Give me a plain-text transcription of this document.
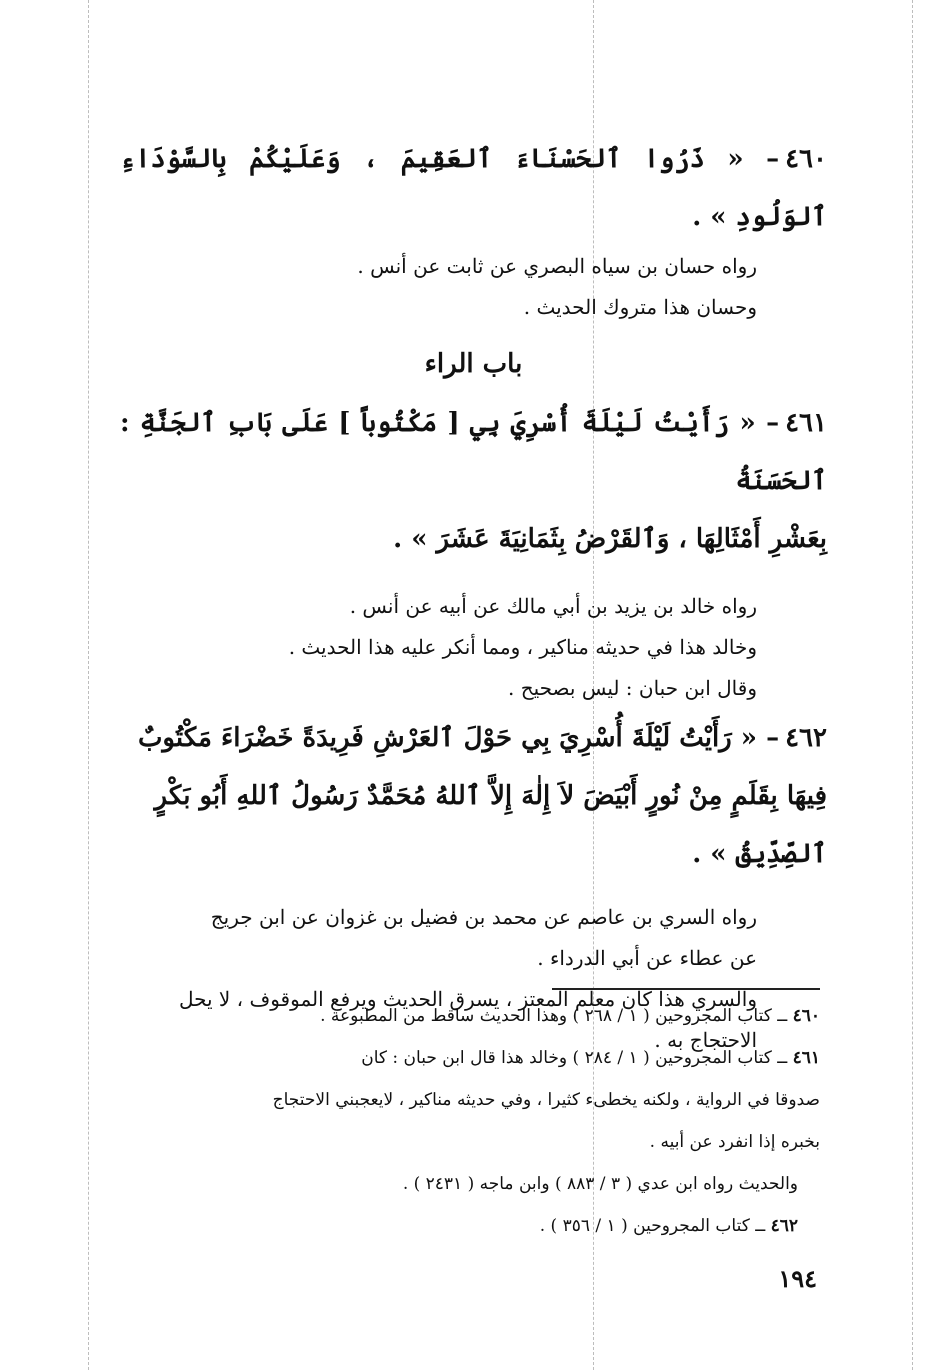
٤٦٠– « ذَرُوا ٱلحَسْنَاءَ ٱلعَقِيمَ ، وَعَلَيْكُمْ بِالسَّوْدَاءِ ٱلوَلُودِ » .
رواه حسان بن سياه البصري عن ثابت عن أنس .
وحسان هذا متروك الحديث .
باب الراء
٤٦١– « رَأَيْتُ لَيْلَةَ أُسْرِيَ بِي [ مَكْتُوباً ] عَلَى بَابِ ٱلجَنَّةِ : ٱلحَسَنَةُ
بِعَشْرِ أَمْثَالِهَا ، وَٱلقَرْضُ بِثَمَانِيَةَ عَشَرَ » .
رواه خالد بن يزيد بن أبي مالك عن أبيه عن أنس .
وخالد هذا في حديثه مناكير ، ومما أنكر عليه هذا الحديث .
وقال ابن حبان : ليس بصحيح .
٤٦٢– « رَأَيْتُ لَيْلَةَ أُسْرِيَ بِي حَوْلَ ٱلعَرْشِ فَرِيدَةً خَضْرَاءَ مَكْتُوبٌ
فِيهَا بِقَلَمٍ مِنْ نُورٍ أَبْيَضَ لاَ إِلٰهَ إِلاَّ ٱللهُ مُحَمَّدٌ رَسُولُ ٱللهِ أَبُو بَكْرٍ
ٱلصِّدِّيقُ » .
رواه السري بن عاصم عن محمد بن فضيل بن غزوان عن ابن جريج
عن عطاء عن أبي الدرداء .
والسري هذا كان معلم المعتز ، يسرق الحديث ويرفع الموقوف ، لا يحل
الاحتجاج به .
٤٦٠ ــ كتاب المجروحين ( ١ / ٢٦٨ ) وهذا الحديث ساقط من المطبوعة .
٤٦١ ــ كتاب المجروحين ( ١ / ٢٨٤ ) وخالد هذا قال ابن حبان : كان
صدوقا في الرواية ، ولكنه يخطىء كثيرا ، وفي حديثه مناكير ، لايعجبني الاحتجاج
بخبره إذا انفرد عن أبيه .
والحديث رواه ابن عدي ( ٣ / ٨٨٣ ) وابن ماجه ( ٢٤٣١ ) .
٤٦٢ ــ كتاب المجروحين ( ١ / ٣٥٦ ) .
١٩٤
